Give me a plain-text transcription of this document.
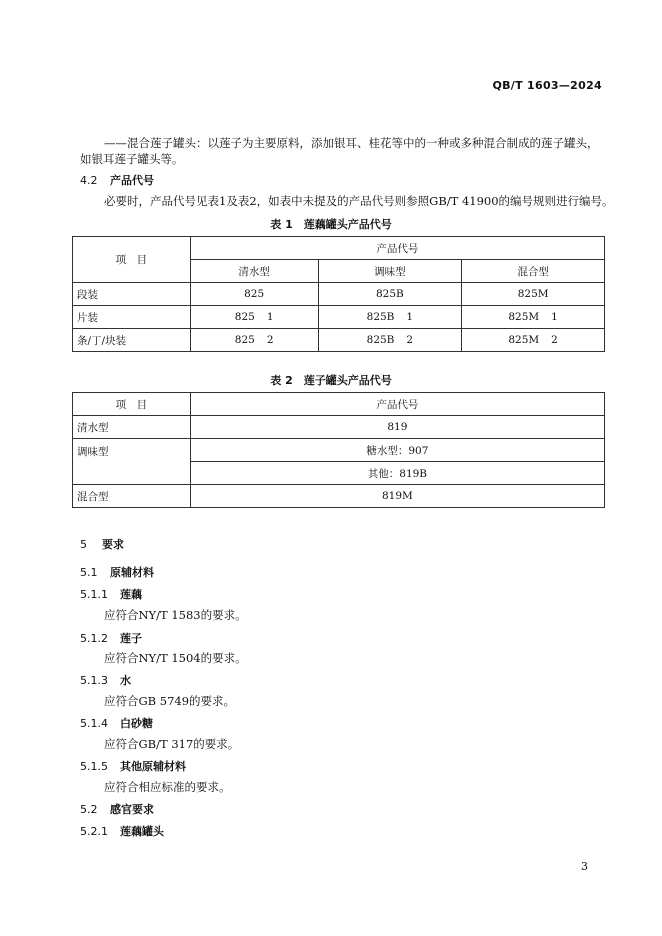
QB/T 1603—2024
——混合莲子罐头：以莲子为主要原料，添加银耳、桂花等中的一种或多种混合制成的莲子罐头，
如银耳莲子罐头等。
4.2 产品代号
必要时，产品代号见表1及表2，如表中未提及的产品代号则参照GB/T 41900的编号规则进行编号。
表 1　莲藕罐头产品代号
项　目	产品代号		
	清水型	调味型	混合型
段装	825	825B	825M
片装	825 1	825B 1	825M 1
条/丁/块装	825 2	825B 2	825M 2
表 2　莲子罐头产品代号
项　目	产品代号
清水型	819
调味型	糖水型：907
	其他：819B
混合型	819M
5 要求
5.1 原辅材料
5.1.1 莲藕
应符合NY/T 1583的要求。
5.1.2 莲子
应符合NY/T 1504的要求。
5.1.3 水
应符合GB 5749的要求。
5.1.4 白砂糖
应符合GB/T 317的要求。
5.1.5 其他原辅材料
应符合相应标准的要求。
5.2 感官要求
5.2.1 莲藕罐头
3
